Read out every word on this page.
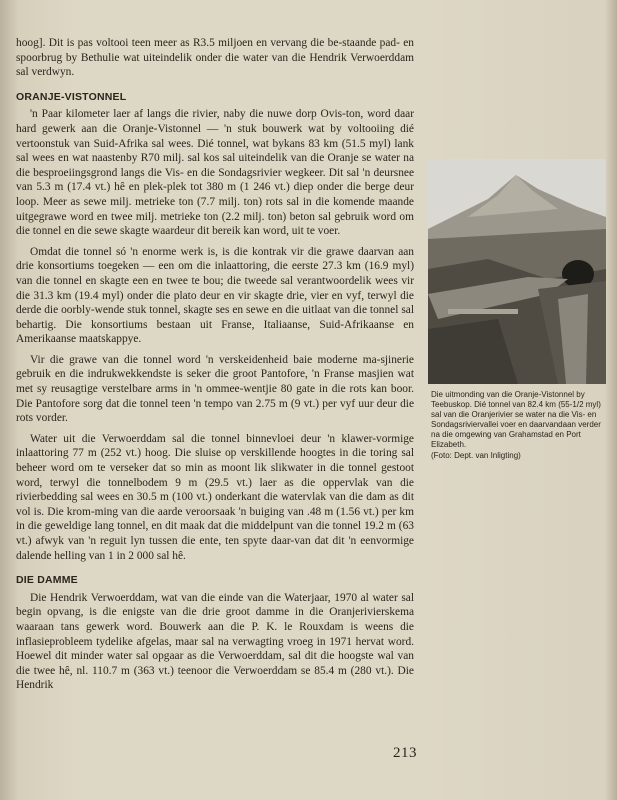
hoog]. Dit is pas voltooi teen meer as R3.5 miljoen en vervang die be-staande pad- en spoorbrug by Bethulie wat uiteindelik onder die water van die Hendrik Verwoerddam sal verdwyn.

ORANJE-VISTONNEL

'n Paar kilometer laer af langs die rivier, naby die nuwe dorp Ovis-ton, word daar hard gewerk aan die Oranje-Vistonnel — 'n stuk bouwerk wat by voltooiing dié vertoonstuk van Suid-Afrika sal wees. Dié tonnel, wat bykans 83 km (51.5 myl) lank sal wees en wat naastenby R70 milj. sal kos sal uiteindelik van die Oranje se water na die besproeiingsgrond langs die Vis- en die Sondagsrivier wegkeer. Dit sal 'n deursnee van 5.3 m (17.4 vt.) hê en plek-plek tot 380 m (1 246 vt.) diep onder die berge deur loop. Meer as sewe milj. metrieke ton (7.7 milj. ton) rots sal in die komende maande uitgegrawe word en twee milj. metrieke ton (2.2 milj. ton) beton sal gebruik word om die tonnel en die sewe skagte waardeur dit bereik kan word, uit te voer.

Omdat die tonnel só 'n enorme werk is, is die kontrak vir die grawe daarvan aan drie konsortiums toegeken — een om die inlaattoring, die eerste 27.3 km (16.9 myl) van die tonnel en skagte een en twee te bou; die tweede sal verantwoordelik wees vir die 31.3 km (19.4 myl) onder die plato deur en vir skagte drie, vier en vyf, terwyl die derde die oorbly-wende stuk tonnel, skagte ses en sewe en die uitlaat van die tonnel sal behartig. Die konsortiums bestaan uit Franse, Italiaanse, Suid-Afrikaanse en Amerikaanse maatskappye.

Vir die grawe van die tonnel word 'n verskeidenheid baie moderne ma-sjinerie gebruik en die indrukwekkendste is seker die groot Pantofore, 'n Franse masjien wat met sy reusagtige verstelbare arms in 'n ommee-wentjie 80 gate in die rots kan boor. Die Pantofore sorg dat die tonnel teen 'n tempo van 2.75 m (9 vt.) per vyf uur deur die rots vorder.

Water uit die Verwoerddam sal die tonnel binnevloei deur 'n klawer-vormige inlaattoring 77 m (252 vt.) hoog. Die sluise op verskillende hoogtes in die toring sal beheer word om te verseker dat so min as moont lik slikwater in die tonnel gestoot word, terwyl die tonnelbodem 9 m (29.5 vt.) laer as die oppervlak van die rivierbedding sal wees en 30.5 m (100 vt.) onderkant die watervlak van die dam as dit vol is. Die krom-ming van die aarde veroorsaak 'n buiging van .48 m (1.56 vt.) per km in die geweldige lang tonnel, en dit maak dat die middelpunt van die tonnel 19.2 m (63 vt.) afwyk van 'n reguit lyn tussen die ente, ten spyte daar-van dat dit 'n eenvormige dalende helling van 1 in 2 000 sal hê.

DIE DAMME

Die Hendrik Verwoerddam, wat van die einde van die Waterjaar, 1970 al water sal begin opvang, is die enigste van die drie groot damme in die Oranjerivierskema waaraan tans gewerk word. Bouwerk aan die P. K. le Rouxdam is weens die inflasieprobleem tydelike afgelas, maar sal na verwagting vroeg in 1971 hervat word. Hoewel dit minder water sal opgaar as die Verwoerddam, sal dit die hoogste wal van die twee hê, nl. 110.7 m (363 vt.) teenoor die Verwoerddam se 85.4 m (280 vt.). Die Hendrik

Die uitmonding van die Oranje-Vistonnel by Teebuskop. Dié tonnel van 82.4 km (55-1/2 myl) sal van die Oranjerivier se water na die Vis- en Sondagsriviervallei voer en daarvandaan verder na die omgewing van Grahamstad en Port Elizabeth.

(Foto: Dept. van Inligting)

213
